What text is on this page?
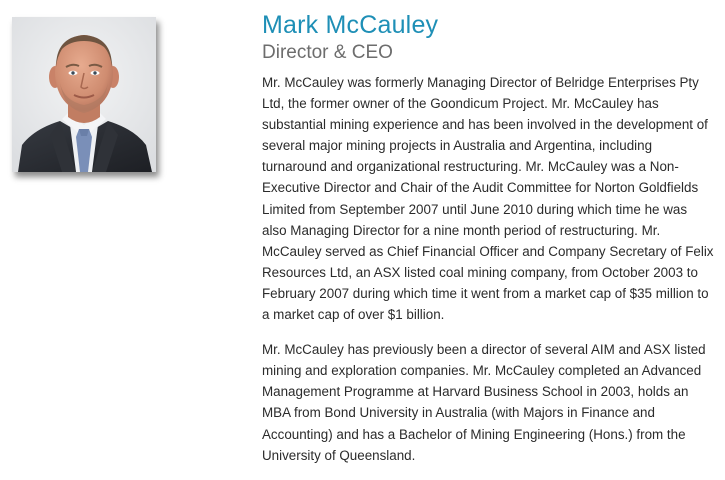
Mark McCauley
Director & CEO

Mr. McCauley was formerly Managing Director of Belridge Enterprises Pty Ltd, the former owner of the Goondicum Project. Mr. McCauley has substantial mining experience and has been involved in the development of several major mining projects in Australia and Argentina, including turnaround and organizational restructuring. Mr. McCauley was a Non-Executive Director and Chair of the Audit Committee for Norton Goldfields Limited from September 2007 until June 2010 during which time he was also Managing Director for a nine month period of restructuring. Mr. McCauley served as Chief Financial Officer and Company Secretary of Felix Resources Ltd, an ASX listed coal mining company, from October 2003 to February 2007 during which time it went from a market cap of $35 million to a market cap of over $1 billion.

Mr. McCauley has previously been a director of several AIM and ASX listed mining and exploration companies. Mr. McCauley completed an Advanced Management Programme at Harvard Business School in 2003, holds an MBA from Bond University in Australia (with Majors in Finance and Accounting) and has a Bachelor of Mining Engineering (Hons.) from the University of Queensland.
